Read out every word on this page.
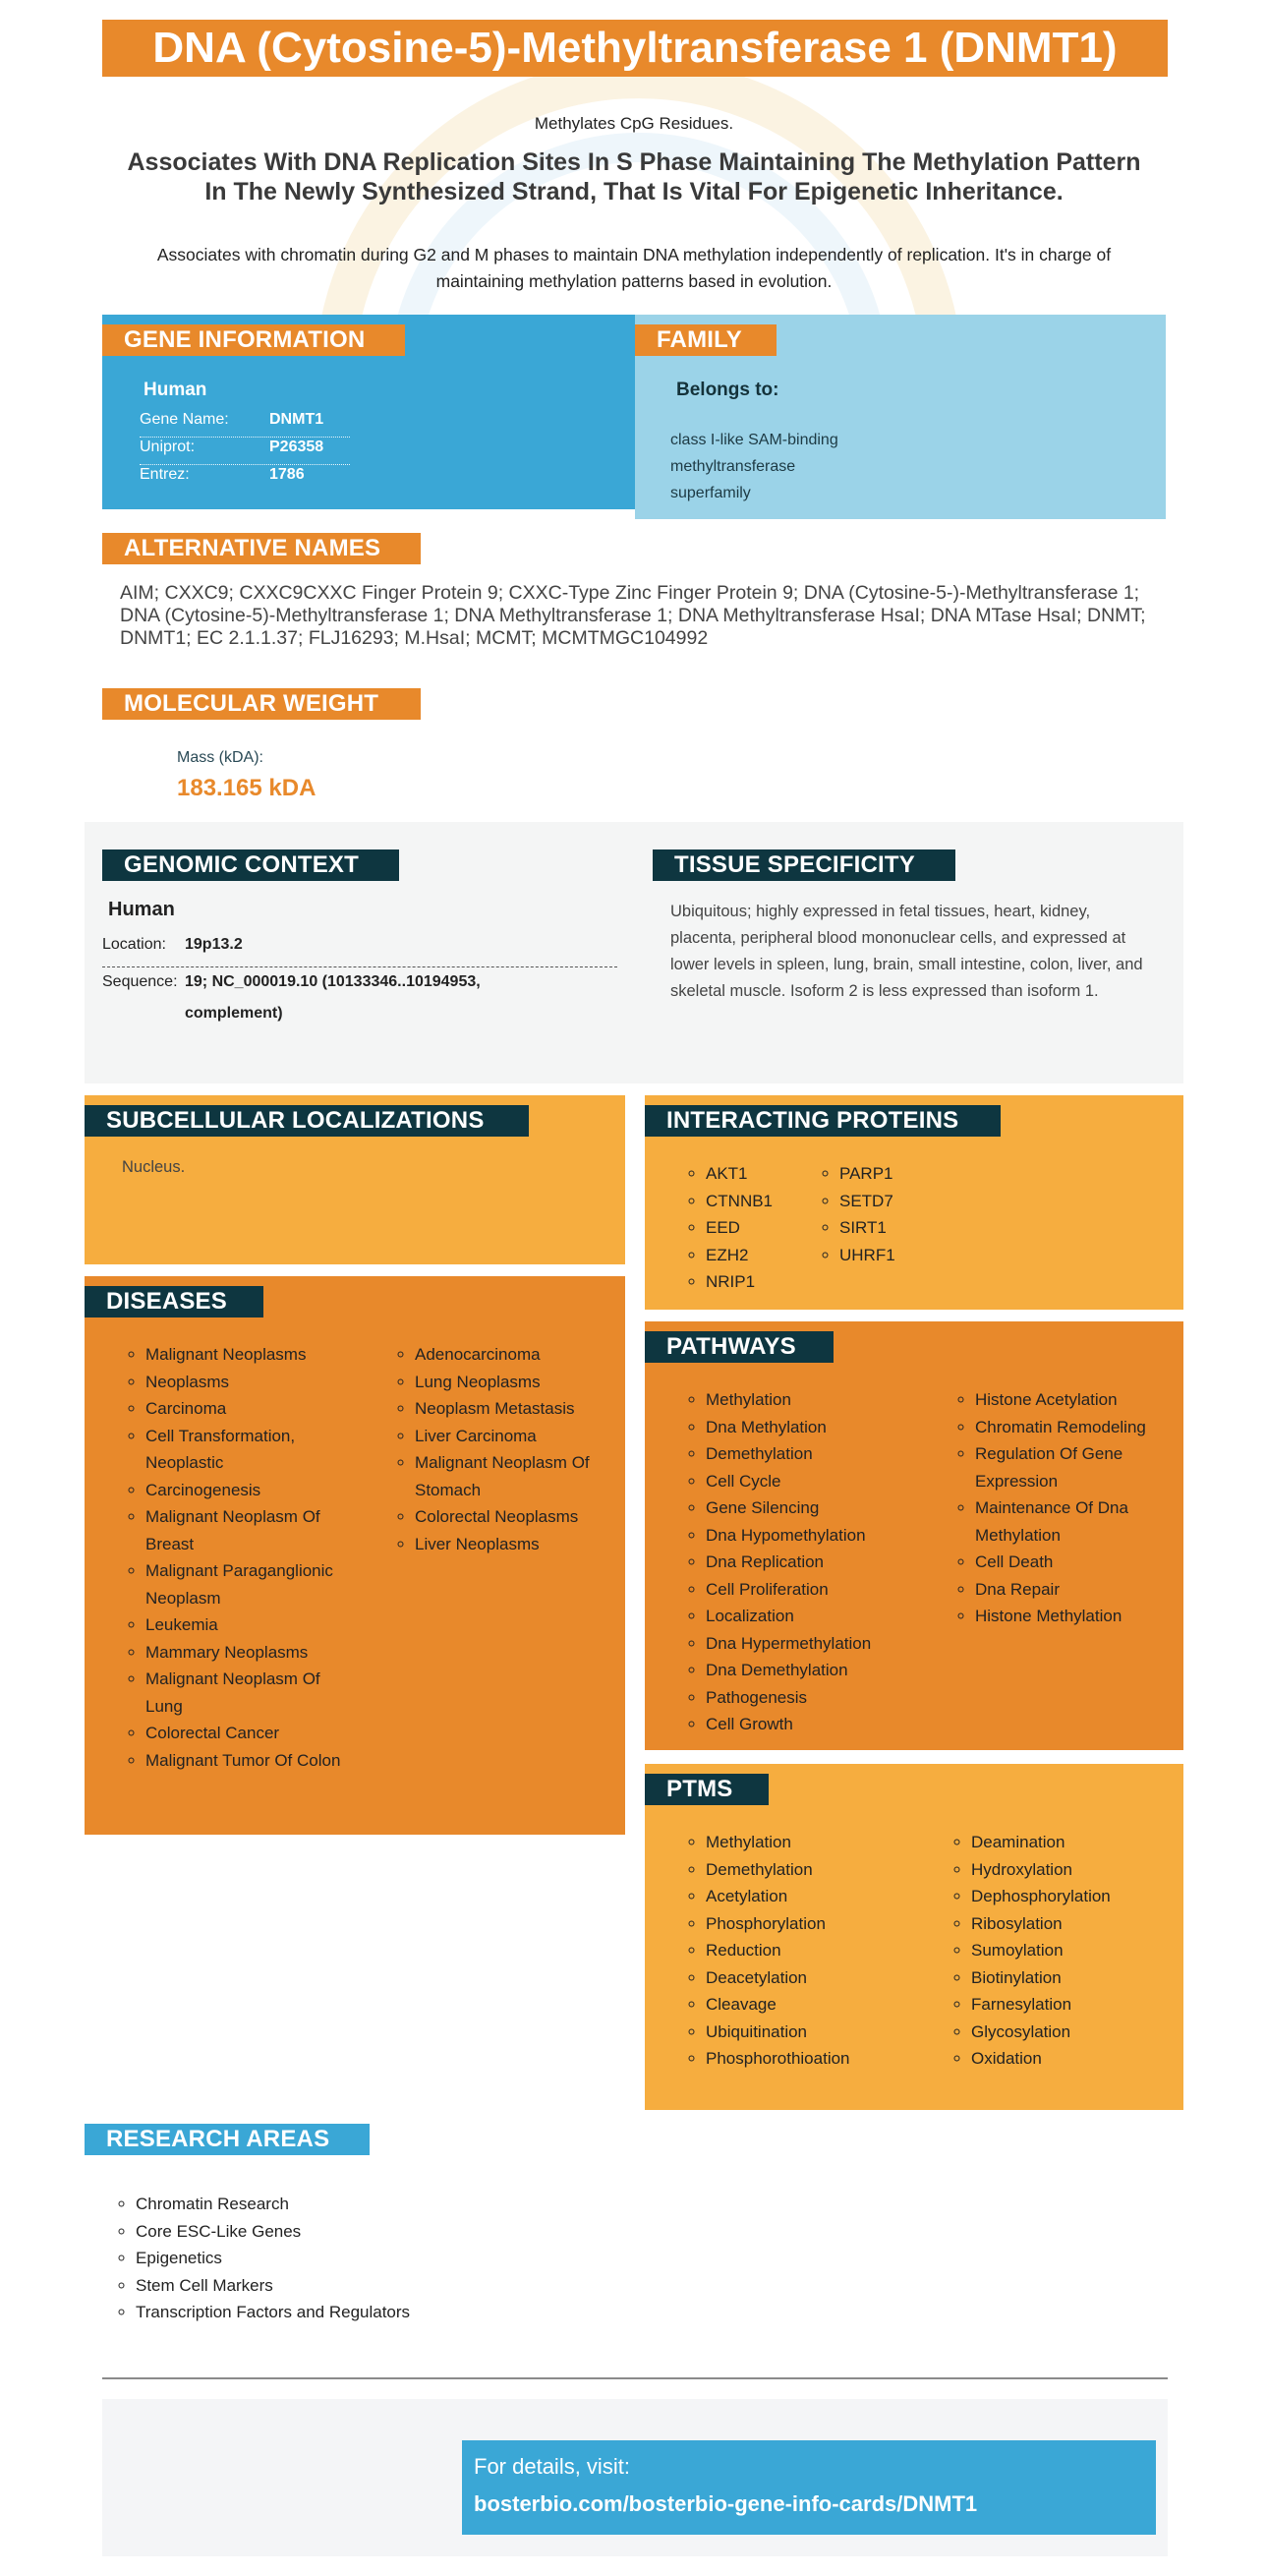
DNA (Cytosine-5)-Methyltransferase 1 (DNMT1)
Methylates CpG Residues.
Associates With DNA Replication Sites In S Phase Maintaining The Methylation Pattern In The Newly Synthesized Strand, That Is Vital For Epigenetic Inheritance.
Associates with chromatin during G2 and M phases to maintain DNA methylation independently of replication. It's in charge of maintaining methylation patterns based in evolution.
GENE INFORMATION
Human
Gene Name:	DNMT1
Uniprot:	P26358
Entrez:	1786
FAMILY
Belongs to:
class I-like SAM-binding methyltransferase superfamily
ALTERNATIVE NAMES
AIM; CXXC9; CXXC9CXXC Finger Protein 9; CXXC-Type Zinc Finger Protein 9; DNA (Cytosine-5-)-Methyltransferase 1; DNA (Cytosine-5)-Methyltransferase 1; DNA Methyltransferase 1; DNA Methyltransferase HsaI; DNA MTase HsaI; DNMT; DNMT1; EC 2.1.1.37; FLJ16293; M.HsaI; MCMT; MCMTMGC104992
MOLECULAR WEIGHT
Mass (kDA):
183.165 kDA
GENOMIC CONTEXT
Human
Location: 19p13.2
Sequence: 19; NC_000019.10 (10133346..10194953,
complement)
TISSUE SPECIFICITY
Ubiquitous; highly expressed in fetal tissues, heart, kidney, placenta, peripheral blood mononuclear cells, and expressed at lower levels in spleen, lung, brain, small intestine, colon, liver, and skeletal muscle. Isoform 2 is less expressed than isoform 1.
SUBCELLULAR LOCALIZATIONS
Nucleus.
INTERACTING PROTEINS
◦ AKT1
◦ CTNNB1
◦ EED
◦ EZH2
◦ NRIP1
◦ PARP1
◦ SETD7
◦ SIRT1
◦ UHRF1
DISEASES
◦ Malignant Neoplasms
◦ Neoplasms
◦ Carcinoma
◦ Cell Transformation, Neoplastic
◦ Carcinogenesis
◦ Malignant Neoplasm Of Breast
◦ Malignant Paraganglionic Neoplasm
◦ Leukemia
◦ Mammary Neoplasms
◦ Malignant Neoplasm Of Lung
◦ Colorectal Cancer
◦ Malignant Tumor Of Colon
◦ Adenocarcinoma
◦ Lung Neoplasms
◦ Neoplasm Metastasis
◦ Liver Carcinoma
◦ Malignant Neoplasm Of Stomach
◦ Colorectal Neoplasms
◦ Liver Neoplasms
PATHWAYS
◦ Methylation
◦ Dna Methylation
◦ Demethylation
◦ Cell Cycle
◦ Gene Silencing
◦ Dna Hypomethylation
◦ Dna Replication
◦ Cell Proliferation
◦ Localization
◦ Dna Hypermethylation
◦ Dna Demethylation
◦ Pathogenesis
◦ Cell Growth
◦ Histone Acetylation
◦ Chromatin Remodeling
◦ Regulation Of Gene Expression
◦ Maintenance Of Dna Methylation
◦ Cell Death
◦ Dna Repair
◦ Histone Methylation
PTMS
◦ Methylation
◦ Demethylation
◦ Acetylation
◦ Phosphorylation
◦ Reduction
◦ Deacetylation
◦ Cleavage
◦ Ubiquitination
◦ Phosphorothioation
◦ Deamination
◦ Hydroxylation
◦ Dephosphorylation
◦ Ribosylation
◦ Sumoylation
◦ Biotinylation
◦ Farnesylation
◦ Glycosylation
◦ Oxidation
RESEARCH AREAS
◦ Chromatin Research
◦ Core ESC-Like Genes
◦ Epigenetics
◦ Stem Cell Markers
◦ Transcription Factors and Regulators
For details, visit:
bosterbio.com/bosterbio-gene-info-cards/DNMT1
